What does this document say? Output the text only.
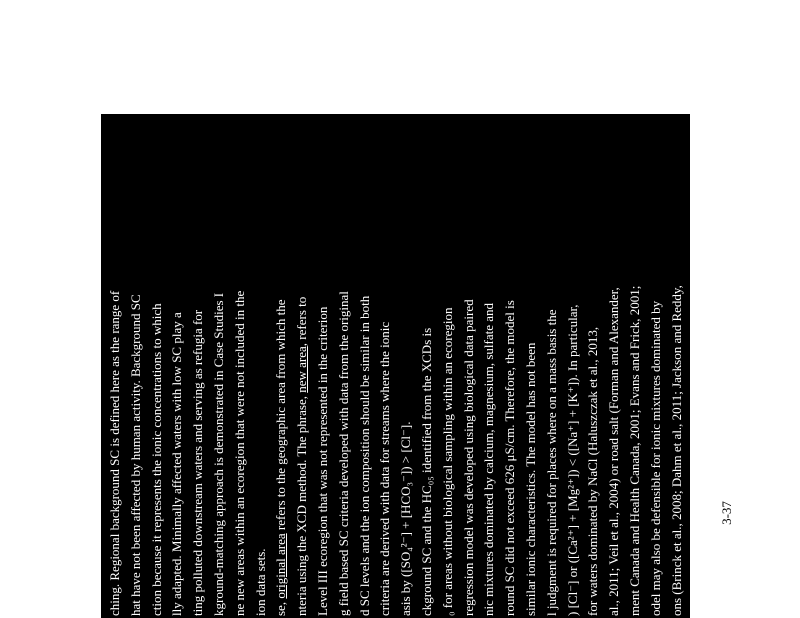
3-37
ching. Regional background SC is defined here as the range of hat have not been affected by human activity. Background SC ction because it represents the ionic concentrations to which lly adapted. Minimally affected waters with low SC play a ting polluted downstream waters and serving as refugia for kground-matching approach is demonstrated in Case Studies I ne new areas within an ecoregion that were not included in the ion data sets. se, original area refers to the geographic area from which the nteria using the XCD method. The phrase, new area, refers to Level III ecoregion that was not represented in the criterion g field based SC criteria developed with data from the original d SC levels and the ion composition should be similar in both criteria are derived with data for streams where the ionic asis by ([SO₄²⁻] + [HCO₃⁻]) > [Cl⁻]. ckground SC and the HC₀₅ identified from the XCDs is ₀ for areas without biological sampling within an ecoregion regression model was developed using biological data paired nic mixtures dominated by calcium, magnesium, sulfate and round SC did not exceed 626 μS/cm. Therefore, the model is similar ionic characteristics. The model has not been l judgment is required for places where on a mass basis the ) [Cl⁻] or ([Ca²⁺] + [Mg²⁺]) < ([Na⁺] + [K⁺]). In particular, for waters dominated by NaCl (Haluszczak et al., 2013, al., 2011; Veil et al., 2004) or road salt (Forman and Alexander, ment Canada and Health Canada, 2001; Evans and Frick, 2001; odel may also be defensible for ionic mixtures dominated by ons (Brinck et al., 2008; Dahm et al., 2011; Jackson and Reddy,
